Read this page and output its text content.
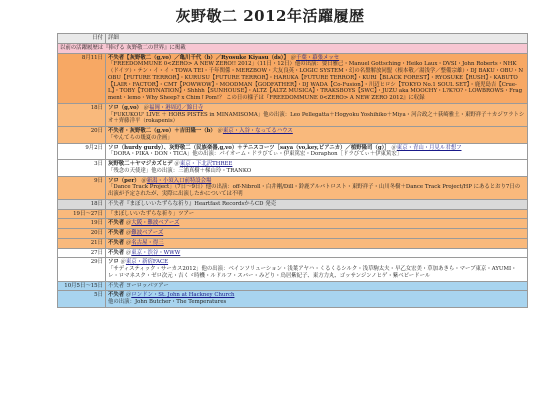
灰野敬二 2012年活躍履歴
日付	詳細
以前の活躍履歴は『捧げる 灰野敬二の世界』に掲載	
8月11日	不失者【灰野敬二（g,vo）／亀川千代（b）／Ryosuke Kiyasu（ds）】 ＠千葉・幕張メッセ
「FREEDOMMUNE 0<ZERO> A NEW ZERO!! 2012」（11日・12日）他の出演：要日雅己・Manuel Gottsching・Heiko Laux・DVSI・John Roberts・NHK（ドイツ）・テン・イ・イ・TOWA TEI・千年関係・MERZBOW・大友良英・LOGIC SYSTEM・幻の名盤解放同盟（根本敬／湯浅学／整備宗雄）・DJ BAKU・OBU・NOBU【FUTURE TERROR】・KURUSU【FUTURE TERROR】・HARUKA【FUTURE TERROR】・KURI【BLACK FOREST】・RYOSUKE【RUSH】・KABUTO【LAIR・FACTOR】・CMT【POWWOW】・MOODMAN【GODFATHER】・DJ WADA【Co-Fusion】・川辺ヒロシ【TOKYO No.1 SOUL SET】・鹿児島吉【Crue-L】・TOBY【TOBYNATION】・Shhhh【SUNHOUSE】・ALTZ【ALTZ MUSICA】・TRAKSBOYS【SWC】・JUZU aka MOOCHY・L?K?O?・LOWBROWS・Fragment・lemo・Why Sheep? x Chim↑Pom!？ この日の様子は『FREEDOMMUNE 0<ZERO> A NEW ZERO 2012』に収録

18日	ソロ（g,vo） ＠福岡・港周辺／錦日寺
「FUKUKOU' LIVE ＋ HORS PISTES in MINAMISOMA」他の出演：Leo Pellegatta＋Hogyoku Yoshihiko＋Miya・河合政之＋荻崎雅土・東野祥子＋カジワラトシオ＋齊藤洋平（rokapenis）

20日	不失者・灰野敬二（g,vo）＋吉田隆一（b） ＠東京・入谷・なってるハウス
「やんてらの幾夏の企画」

9月2日	ソロ（hurdy gurdy）、灰野敬二（民族楽器,g,vo）＋テニスコーツ［saya（vo,key,ピアニカ）／植野隆司（g）］ ＠東京・青山・月見ル君想フ
「DORA・PIKA・DON・TICA」他の出演：パイオーム・ドラびてぃ・伊東篤宏・Doraphon［ドラびてぃ＋伊東篤宏］

3日	灰野敬二＋ヤマジカズヒデ ＠東京・下北沢THREE
「残念の天使達」他の出演：三浦真樹＋梯山玲・TRANKO

9日	ソロ（per） ＠新潟・小須入口前特設会場
「Dance Track Project」（7日〜9日）他の出演：off-Nibroll・白井剛/Dill・鈴鹿アルバトロスト・東野祥子・山川冬樹＋Dance Track Project/HP にあるとおり7日の出演が予定されたが、実際に出演したかについては不明

18日	不失者『まぼしいいたずらな祈り』Heartfast RecordsからCD 発売
19日〜27日	「まぼしいいたずらな祈り」ツアー
19日	不失者 ＠大阪・難波ベアーズ
20日	不失者 ＠難波ベアーズ
21日	不失者 ＠名古屋・得三
27日	不失者 ＠東京・渋谷・WWW
29日	ソロ ＠東京・新宿FACE
「サディスティック・サーカス2012」他の出演：ベインソリューション・浅葉アヤハ・くるくるシルク・浅草駒太夫・早乙女宏美・草加あきら・マーブ東京・AYUMI・レ・ロマネスク・ゼロ次元・吉くゞ時機・ルドルフ・スバー・みどり・鳥居紫紀子、東方力丸、ゴッサンジンノヒゲ・紫ベビードール

10月5日〜15日	不失者 ヨーロッパツアー
5日	不失者 ＠ロンドン・St. John at Hackney Church
他の出演：John Butcher・The Temperatures
